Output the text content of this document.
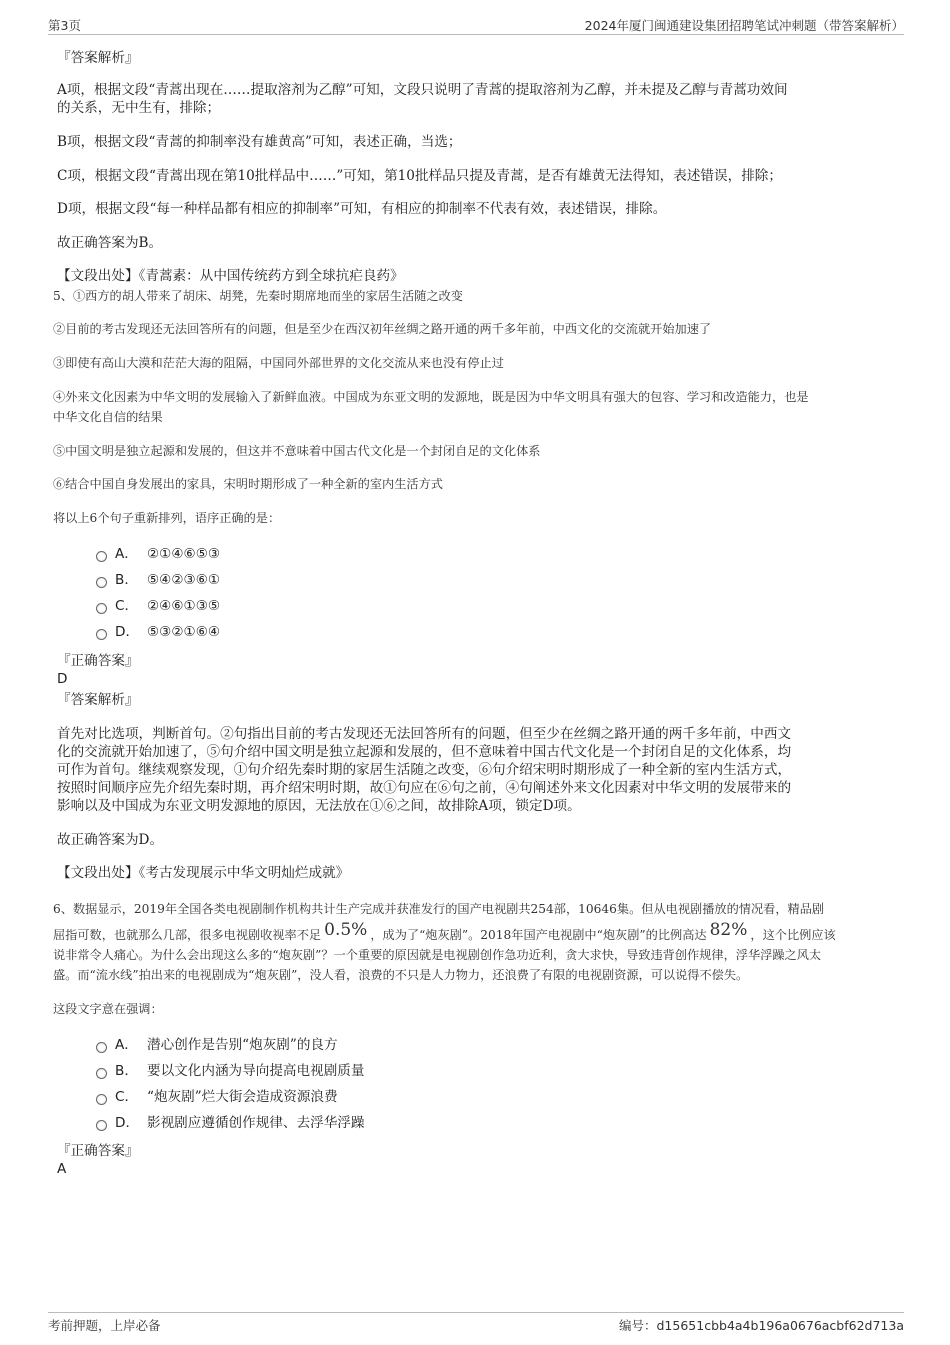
第3页	2024年厦门闽通建设集团招聘笔试冲刺题（带答案解析）
『答案解析』
A项，根据文段“青蒿出现在……提取溶剂为乙醇”可知，文段只说明了青蒿的提取溶剂为乙醇，并未提及乙醇与青蒿功效间
的关系，无中生有，排除；
B项，根据文段“青蒿的抑制率没有雄黄高”可知，表述正确，当选；
C项，根据文段“青蒿出现在第10批样品中……”可知，第10批样品只提及青蒿，是否有雄黄无法得知，表述错误，排除；
D项，根据文段“每一种样品都有相应的抑制率”可知，有相应的抑制率不代表有效，表述错误，排除。
故正确答案为B。
【文段出处】《青蒿素：从中国传统药方到全球抗疟良药》
5、①西方的胡人带来了胡床、胡凳，先秦时期席地而坐的家居生活随之改变
②目前的考古发现还无法回答所有的问题，但是至少在西汉初年丝绸之路开通的两千多年前，中西文化的交流就开始加速了
③即使有高山大漠和茫茫大海的阻隔，中国同外部世界的文化交流从来也没有停止过
④外来文化因素为中华文明的发展输入了新鲜血液。中国成为东亚文明的发源地，既是因为中华文明具有强大的包容、学习和改造能力，也是
中华文化自信的结果
⑤中国文明是独立起源和发展的，但这并不意味着中国古代文化是一个封闭自足的文化体系
⑥结合中国自身发展出的家具，宋明时期形成了一种全新的室内生活方式
将以上6个句子重新排列，语序正确的是：
A． ②①④⑥⑤③
B． ⑤④②③⑥①
C． ②④⑥①③⑤
D． ⑤③②①⑥④
『正确答案』
D
『答案解析』
首先对比选项，判断首句。②句指出目前的考古发现还无法回答所有的问题，但至少在丝绸之路开通的两千多年前，中西文
化的交流就开始加速了，⑤句介绍中国文明是独立起源和发展的，但不意味着中国古代文化是一个封闭自足的文化体系，均
可作为首句。继续观察发现，①句介绍先秦时期的家居生活随之改变，⑥句介绍宋明时期形成了一种全新的室内生活方式，
按照时间顺序应先介绍先秦时期，再介绍宋明时期，故①句应在⑥句之前，④句阐述外来文化因素对中华文明的发展带来的
影响以及中国成为东亚文明发源地的原因，无法放在①⑥之间，故排除A项，锁定D项。
故正确答案为D。
【文段出处】《考古发现展示中华文明灿烂成就》
6、数据显示，2019年全国各类电视剧制作机构共计生产完成并获准发行的国产电视剧共254部，10646集。但从电视剧播放的情况看，精品剧
屈指可数，也就那么几部，很多电视剧收视率不足 0.5% ，成为了“炮灰剧”。2018年国产电视剧中“炮灰剧”的比例高达 82% ，这个比例应该
说非常令人痛心。为什么会出现这么多的“炮灰剧”？一个重要的原因就是电视剧创作急功近利，贪大求快，导致违背创作规律，浮华浮躁之风太
盛。而“流水线”拍出来的电视剧成为“炮灰剧”，没人看，浪费的不只是人力物力，还浪费了有限的电视剧资源，可以说得不偿失。
这段文字意在强调：
A． 潜心创作是告别“炮灰剧”的良方
B． 要以文化内涵为导向提高电视剧质量
C． “炮灰剧”烂大街会造成资源浪费
D． 影视剧应遵循创作规律、去浮华浮躁
『正确答案』
A
考前押题，上岸必备	编号：d15651cbb4a4b196a0676acbf62d713a
